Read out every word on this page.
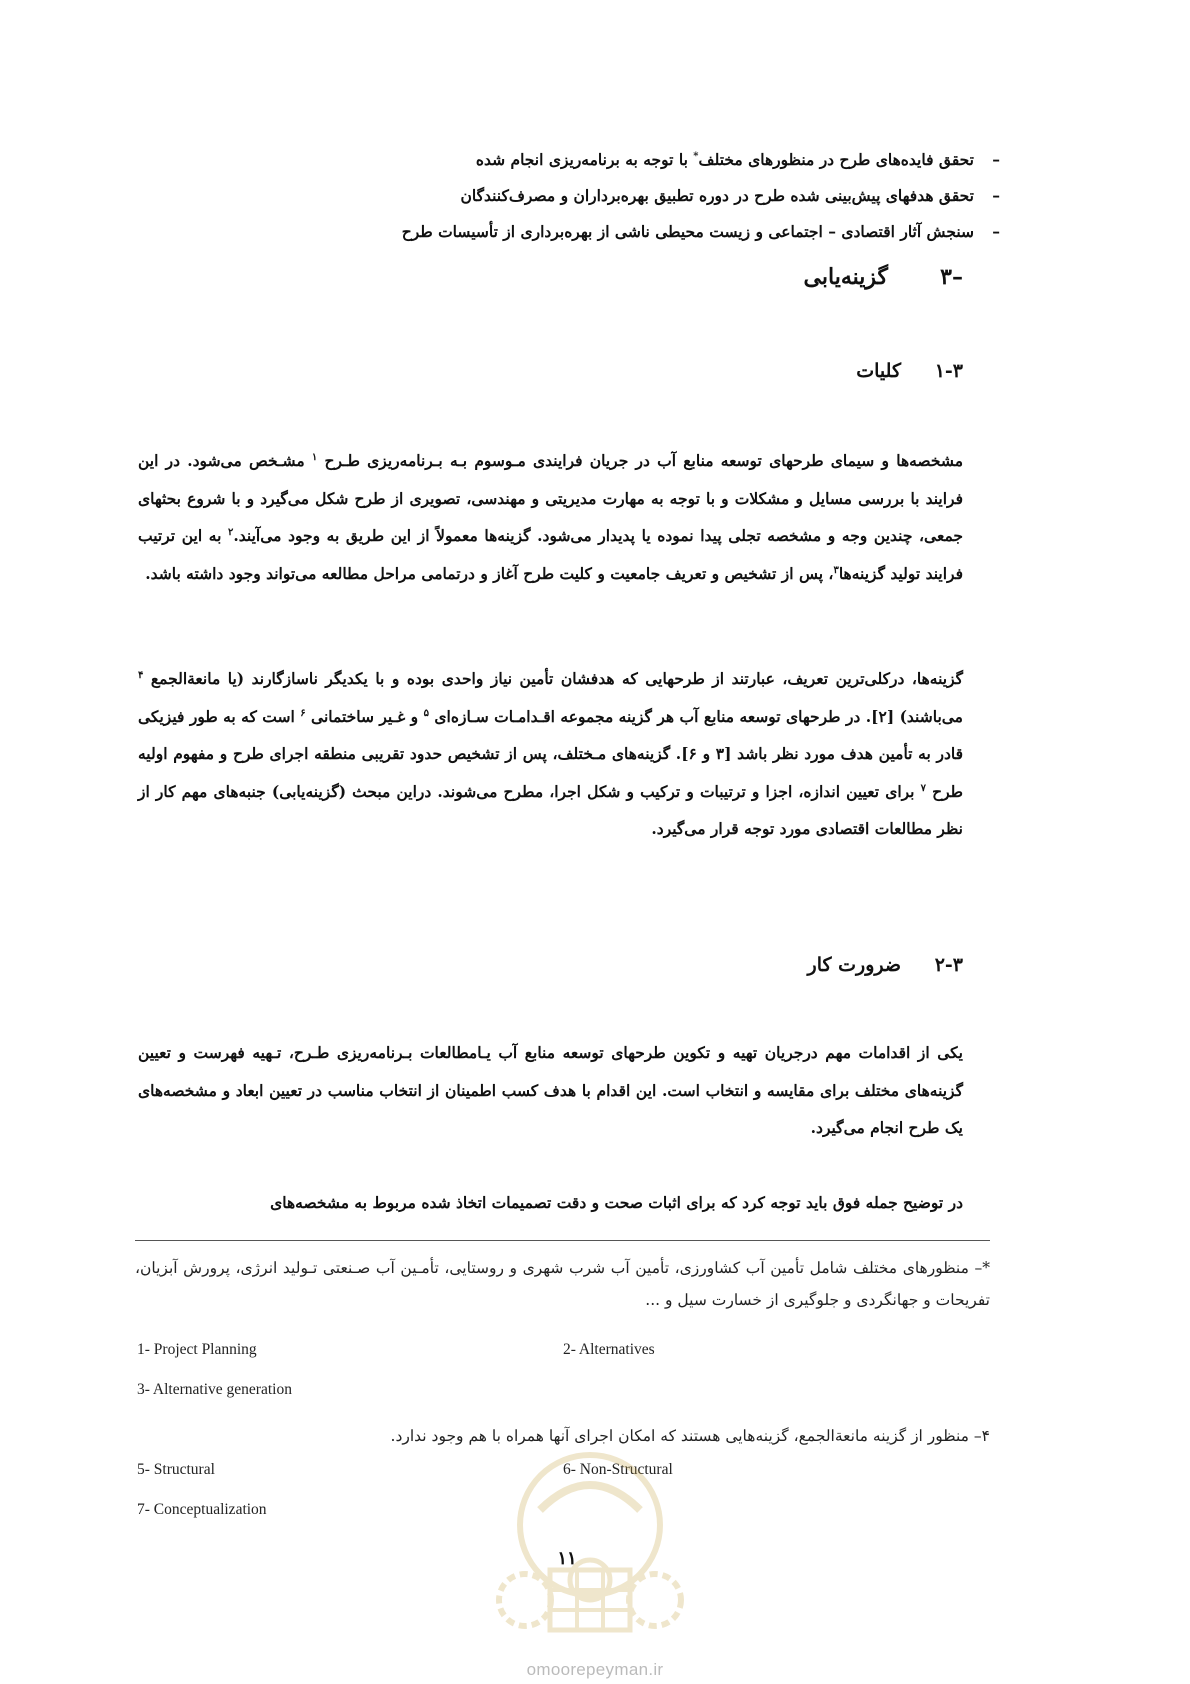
–
تحقق فایده‌های طرح در منظورهای مختلف* با توجه به برنامه‌ریزی انجام شده
–
تحقق هدفهای پیش‌بینی شده طرح در دوره تطبیق بهره‌برداران و مصرف‌کنندگان
–
سنجش آثار اقتصادی – اجتماعی و زیست محیطی ناشی از بهره‌برداری از تأسیسات طرح
–۳
گزینه‌یابی
۱-۳
کلیات
مشخصه‌ها و سیمای طرحهای توسعه منابع آب در جریان فرایندی مـوسوم بـه بـرنامه‌ریزی طـرح $^۱$ مشـخص می‌شود. در این فرایند با بررسی مسایل و مشکلات و با توجه به مهارت مدیریتی و مهندسی، تصویری از طرح شکل می‌گیرد و با شروع بحثهای جمعی، چندین وجه و مشخصه تجلی پیدا نموده یا پدیدار می‌شود. گزینه‌ها معمولاً از این طریق به وجود می‌آیند.$^۲$ به این ترتیب فرایند تولید گزینه‌ها$^۳$، پس از تشخیص و تعریف جامعیت و کلیت طرح آغاز و درتمامی مراحل مطالعه می‌تواند وجود داشته باشد.
گزینه‌ها، درکلی‌ترین تعریف، عبارتند از طرحهایی که هدفشان تأمین نیاز واحدی بوده و با یکدیگر ناسازگارند (یا مانعة‌الجمع $^۴$ می‌باشند) [۲]. در طرحهای توسعه منابع آب هر گزینه مجموعه اقـدامـات سـازه‌ای $^۵$ و غـیر ساختمانی $^۶$ است که به طور فیزیکی قادر به تأمین هدف مورد نظر باشد [۳ و ۶]. گزینه‌های مـختلف، پس از تشخیص حدود تقریبی منطقه اجرای طرح و مفهوم اولیه طرح $^۷$ برای تعیین اندازه، اجزا و ترتیبات و ترکیب و شکل اجرا، مطرح می‌شوند. دراین مبحث (گزینه‌یابی) جنبه‌های مهم کار از نظر مطالعات اقتصادی مورد توجه قرار می‌گیرد.
۲-۳
ضرورت کار
یکی از اقدامات مهم درجریان تهیه و تکوین طرحهای توسعه منابع آب یـامطالعات بـرنامه‌ریزی طـرح، تـهیه فهرست و تعیین گزینه‌های مختلف برای مقایسه و انتخاب است. این اقدام با هدف کسب اطمینان از انتخاب مناسب در تعیین ابعاد و مشخصه‌های یک طرح انجام می‌گیرد.
در توضیح جمله فوق باید توجه کرد که برای اثبات صحت و دقت تصمیمات اتخاذ شده مربوط به مشخصه‌های
*– منظورهای مختلف شامل تأمین آب کشاورزی، تأمین آب شرب شهری و روستایی، تأمـین آب صـنعتی تـولید انرژی، پرورش آبزیان، تفریحات و جهانگردی و جلوگیری از خسارت سیل و ...
1- Project Planning	2- Alternatives
3- Alternative generation
۴– منظور از گزینه مانعة‌الجمع، گزینه‌هایی هستند که امکان اجرای آنها همراه با هم وجود ندارد.
5- Structural	6- Non-Structural
7- Conceptualization
۱۱
omoorepeyman.ir
